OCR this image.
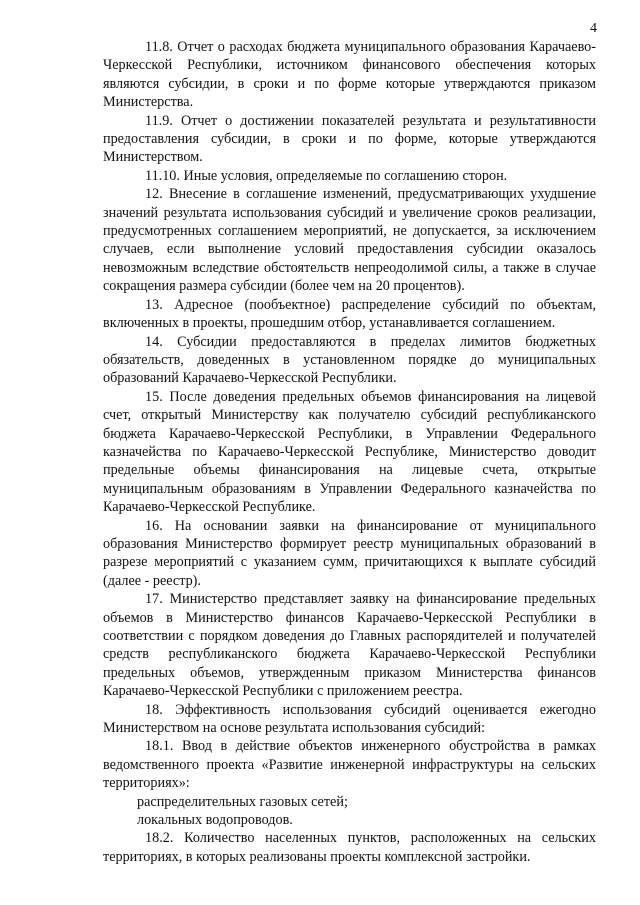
4

11.8. Отчет о расходах бюджета муниципального образования Карачаево-Черкесской Республики, источником финансового обеспечения которых являются субсидии, в сроки и по форме которые утверждаются приказом Министерства.

11.9. Отчет о достижении показателей результата и результативности предоставления субсидии, в сроки и по форме, которые утверждаются Министерством.

11.10. Иные условия, определяемые по соглашению сторон.

12. Внесение в соглашение изменений, предусматривающих ухудшение значений результата использования субсидий и увеличение сроков реализации, предусмотренных соглашением мероприятий, не допускается, за исключением случаев, если выполнение условий предоставления субсидии оказалось невозможным вследствие обстоятельств непреодолимой силы, а также в случае сокращения размера субсидии (более чем на 20 процентов).

13. Адресное (пообъектное) распределение субсидий по объектам, включенных в проекты, прошедшим отбор, устанавливается соглашением.

14. Субсидии предоставляются в пределах лимитов бюджетных обязательств, доведенных в установленном порядке до муниципальных образований Карачаево-Черкесской Республики.

15. После доведения предельных объемов финансирования на лицевой счет, открытый Министерству как получателю субсидий республиканского бюджета Карачаево-Черкесской Республики, в Управлении Федерального казначейства по Карачаево-Черкесской Республике, Министерство доводит предельные объемы финансирования на лицевые счета, открытые муниципальным образованиям в Управлении Федерального казначейства по Карачаево-Черкесской Республике.

16. На основании заявки на финансирование от муниципального образования Министерство формирует реестр муниципальных образований в разрезе мероприятий с указанием сумм, причитающихся к выплате субсидий (далее - реестр).

17. Министерство представляет заявку на финансирование предельных объемов в Министерство финансов Карачаево-Черкесской Республики в соответствии с порядком доведения до Главных распорядителей и получателей средств республиканского бюджета Карачаево-Черкесской Республики предельных объемов, утвержденным приказом Министерства финансов Карачаево-Черкесской Республики с приложением реестра.

18. Эффективность использования субсидий оценивается ежегодно Министерством на основе результата использования субсидий:

18.1. Ввод в действие объектов инженерного обустройства в рамках ведомственного проекта «Развитие инженерной инфраструктуры на сельских территориях»:

распределительных газовых сетей;

локальных водопроводов.

18.2. Количество населенных пунктов, расположенных на сельских территориях, в которых реализованы проекты комплексной застройки.
